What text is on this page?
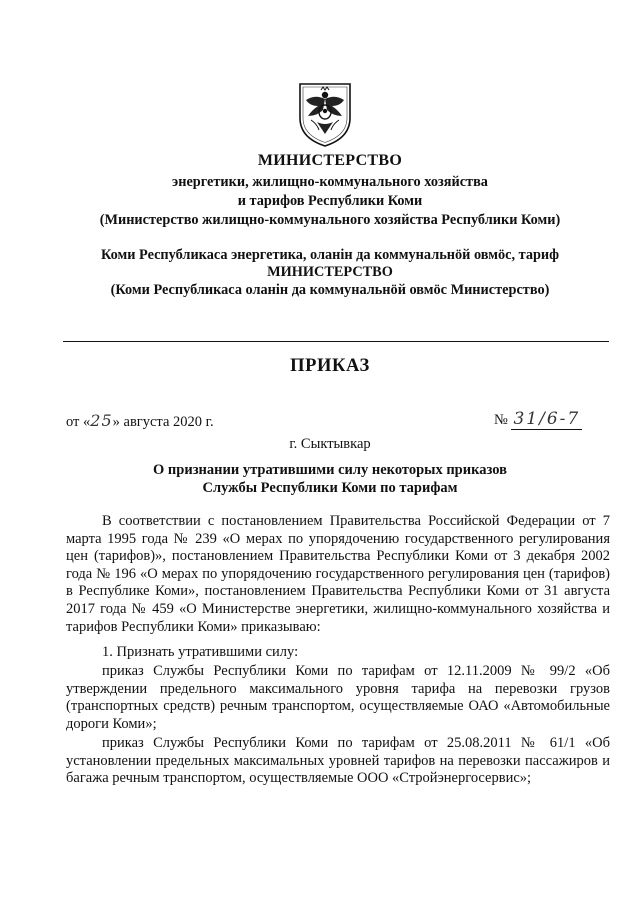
МИНИСТЕРСТВО
энергетики, жилищно-коммунального хозяйства
и тарифов Республики Коми
(Министерство жилищно-коммунального хозяйства Республики Коми)
Коми Республикаса энергетика, оланiн да коммунальнöй овмöс, тариф
МИНИСТЕРСТВО
(Коми Республикаса оланiн да коммунальнöй овмöс Министерство)
ПРИКАЗ
от «25» августа 2020 г.	№ 31/6-7
г. Сыктывкар
О признании утратившими силу некоторых приказов
Службы Республики Коми по тарифам

В соответствии с постановлением Правительства Российской Федерации от 7 марта 1995 года № 239 «О мерах по упорядочению государственного регулирования цен (тарифов)», постановлением Правительства Республики Коми от 3 декабря 2002 года № 196 «О мерах по упорядочению государственного регулирования цен (тарифов) в Республике Коми», постановлением Правительства Республики Коми от 31 августа 2017 года № 459 «О Министерстве энергетики, жилищно-коммунального хозяйства и тарифов Республики Коми» приказываю:

1. Признать утратившими силу:

приказ Службы Республики Коми по тарифам от 12.11.2009 № 99/2 «Об утверждении предельного максимального уровня тарифа на перевозки грузов (транспортных средств) речным транспортом, осуществляемые ОАО «Автомобильные дороги Коми»;

приказ Службы Республики Коми по тарифам от 25.08.2011 № 61/1 «Об установлении предельных максимальных уровней тарифов на перевозки пассажиров и багажа речным транспортом, осуществляемые ООО «Стройэнергосервис»;
